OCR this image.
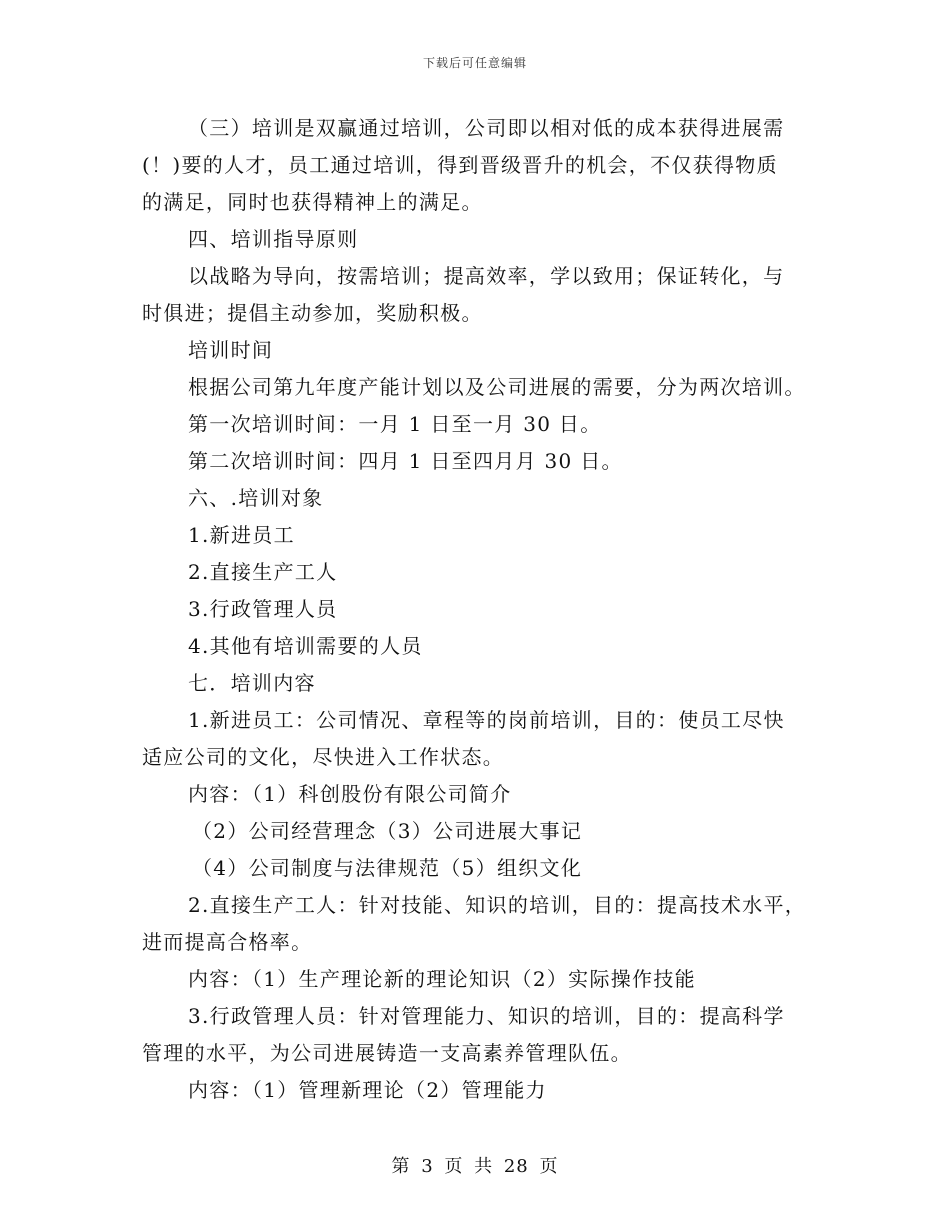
下载后可任意编辑
（三）培训是双赢通过培训，公司即以相对低的成本获得进展需
(！)要的人才，员工通过培训，得到晋级晋升的机会，不仅获得物质
的满足，同时也获得精神上的满足。
四、培训指导原则
以战略为导向，按需培训；提高效率，学以致用；保证转化，与
时俱进；提倡主动参加，奖励积极。
培训时间
根据公司第九年度产能计划以及公司进展的需要，分为两次培训。
第一次培训时间：一月 1 日至一月 30 日。
第二次培训时间：四月 1 日至四月月 30 日。
六、.培训对象
1.新进员工
2.直接生产工人
3.行政管理人员
4.其他有培训需要的人员
七．培训内容
1.新进员工：公司情况、章程等的岗前培训，目的：使员工尽快
适应公司的文化，尽快进入工作状态。
内容：（1）科创股份有限公司简介
（2）公司经营理念（3）公司进展大事记
（4）公司制度与法律规范（5）组织文化
2.直接生产工人：针对技能、知识的培训，目的：提高技术水平，
进而提高合格率。
内容：（1）生产理论新的理论知识（2）实际操作技能
3.行政管理人员：针对管理能力、知识的培训，目的：提高科学
管理的水平，为公司进展铸造一支高素养管理队伍。
内容：（1）管理新理论（2）管理能力
第 3 页 共 28 页
